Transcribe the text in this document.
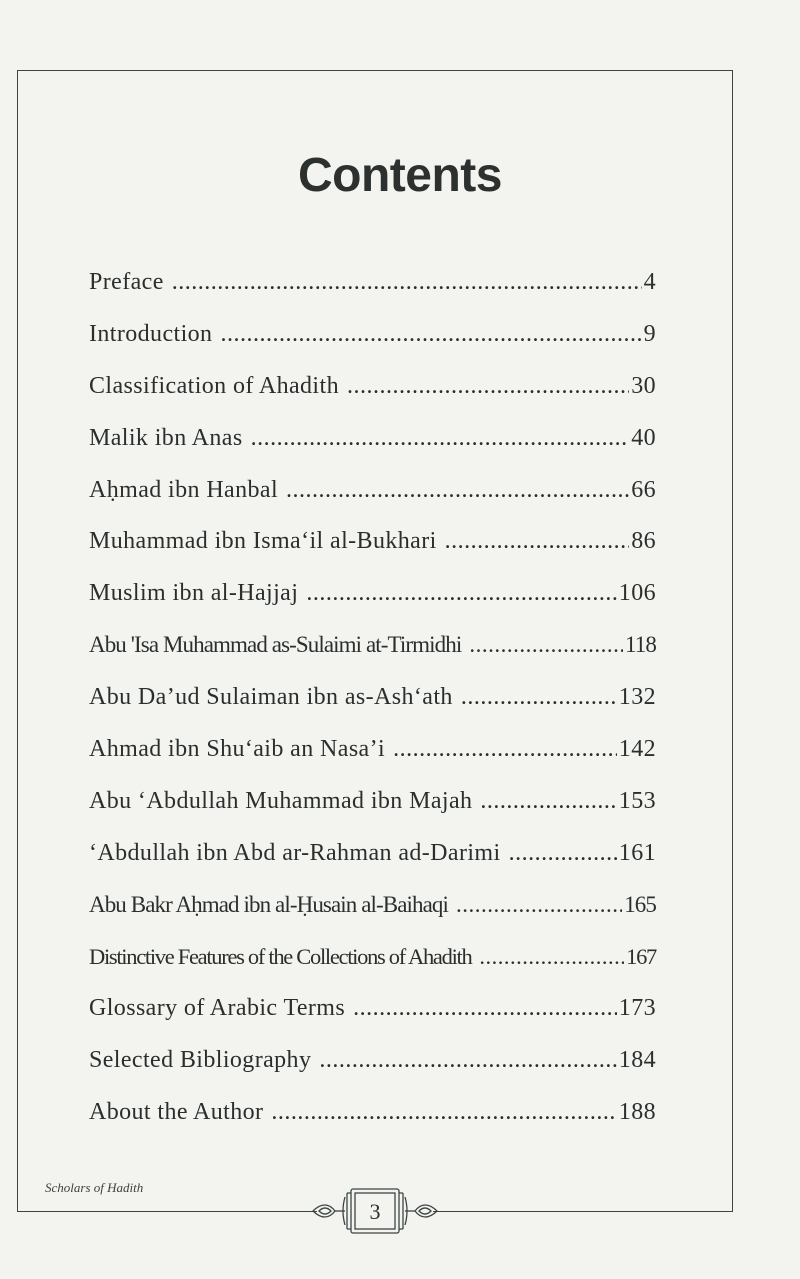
Contents
Preface .....	4
Introduction .....	9
Classification of Ahadith .....	30
Malik ibn Anas .....	40
Aḥmad ibn Hanbal .....	66
Muhammad ibn Isma‘il al-Bukhari .....	86
Muslim ibn al-Hajjaj .....	106
Abu 'Isa Muhammad as-Sulaimi at-Tirmidhi .....	118
Abu Da’ud Sulaiman ibn as-Ash‘ath .....	132
Ahmad ibn Shu‘aib an Nasa’i .....	142
Abu ‘Abdullah Muhammad ibn Majah .....	153
‘Abdullah ibn Abd ar-Rahman ad-Darimi .....	161
Abu Bakr Aḥmad ibn al-Ḥusain al-Baihaqi .....	165
Distinctive Features of the Collections of Ahadith .....	167
Glossary of Arabic Terms .....	173
Selected Bibliography .....	184
About the Author .....	188
Scholars of Hadith
3
